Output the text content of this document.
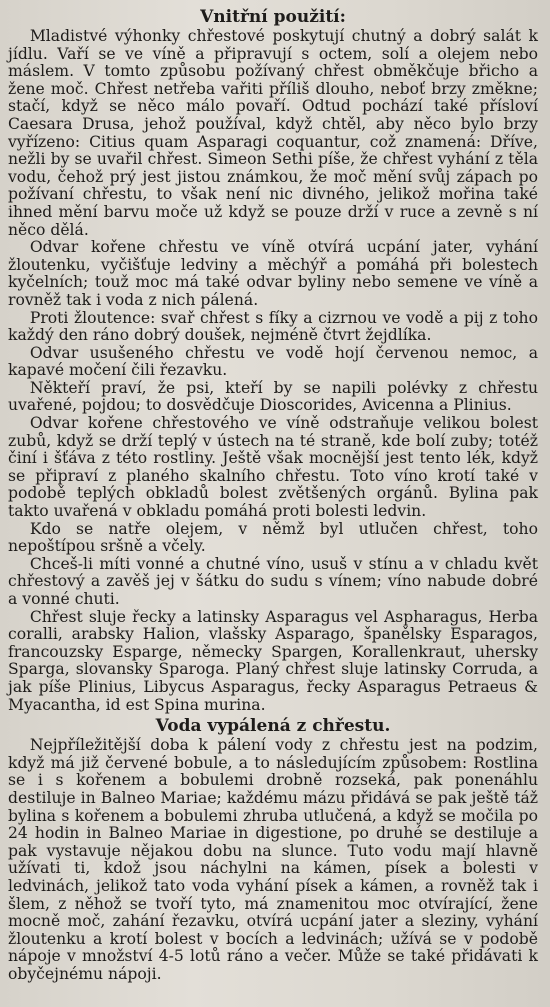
Vnitřní použití:

Mladistvé výhonky chřestové poskytují chutný a dobrý salát k jídlu. Vaří se ve víně a připravují s octem, solí a olejem nebo máslem. V tomto způsobu požívaný chřest obměkčuje břicho a žene moč. Chřest netřeba vařiti příliš dlouho, neboť brzy změkne; stačí, když se něco málo povaří. Odtud pochází také přísloví Caesara Drusa, jehož používal, když chtěl, aby něco bylo brzy vyřízeno: Citius quam Asparagi coquantur, což znamená: Dříve, nežli by se uvařil chřest. Simeon Sethi píše, že chřest vyhání z těla vodu, čehož prý jest jistou známkou, že moč mění svůj zápach po požívaní chřestu, to však není nic divného, jelikož mořina také ihned mění barvu moče už když se pouze drží v ruce a zevně s ní něco dělá.

Odvar kořene chřestu ve víně otvírá ucpání jater, vyhání žloutenku, vyčišťuje ledviny a měchýř a pomáhá při bolestech kyčelních; touž moc má také odvar byliny nebo semene ve víně a rovněž tak i voda z nich pálená.

Proti žloutence: svař chřest s fíky a cizrnou ve vodě a pij z toho každý den ráno dobrý doušek, nejméně čtvrt žejdlíka.

Odvar usušeného chřestu ve vodě hojí červenou nemoc, a kapavé močení čili řezavku.

Někteří praví, že psi, kteří by se napili polévky z chřestu uvařené, pojdou; to dosvědčuje Dioscorides, Avicenna a Plinius.

Odvar kořene chřestového ve víně odstraňuje velikou bolest zubů, když se drží teplý v ústech na té straně, kde bolí zuby; totéž činí i šťáva z této rostliny. Ještě však mocnější jest tento lék, když se připraví z planého skalního chřestu. Toto víno krotí také v podobě teplých obkladů bolest zvětšených orgánů. Bylina pak takto uvařená v obkladu pomáhá proti bolesti ledvin.

Kdo se natře olejem, v němž byl utlučen chřest, toho nepoštípou sršně a včely.

Chceš-li míti vonné a chutné víno, usuš v stínu a v chladu květ chřestový a zavěš jej v šátku do sudu s vínem; víno nabude dobré a vonné chuti.

Chřest sluje řecky a latinsky Asparagus vel Aspharagus, Herba coralli, arabsky Halion, vlašsky Asparago, španělsky Esparagos, francouzsky Esparge, německy Spargen, Korallenkraut, uhersky Sparga, slovansky Sparoga. Planý chřest sluje latinsky Corruda, a jak píše Plinius, Libycus Asparagus, řecky Asparagus Petraeus & Myacantha, id est Spina murina.

Voda vypálená z chřestu.

Nejpříležitější doba k pálení vody z chřestu jest na podzim, když má již červené bobule, a to následujícím způsobem: Rostlina se i s kořenem a bobulemi drobně rozseká, pak ponenáhlu destiluje in Balneo Mariae; každému mázu přidává se pak ještě táž bylina s kořenem a bobulemi zhruba utlučená, a když se močila po 24 hodin in Balneo Mariae in digestione, po druhé se destiluje a pak vystavuje nějakou dobu na slunce. Tuto vodu mají hlavně užívati ti, kdož jsou náchylni na kámen, písek a bolesti v ledvinách, jelikož tato voda vyhání písek a kámen, a rovněž tak i šlem, z něhož se tvoří tyto, má znamenitou moc otvírající, žene mocně moč, zahání řezavku, otvírá ucpání jater a sleziny, vyhání žloutenku a krotí bolest v bocích a ledvinách; užívá se v podobě nápoje v množství 4-5 lotů ráno a večer. Může se také přidávati k obyčejnému nápoji.
